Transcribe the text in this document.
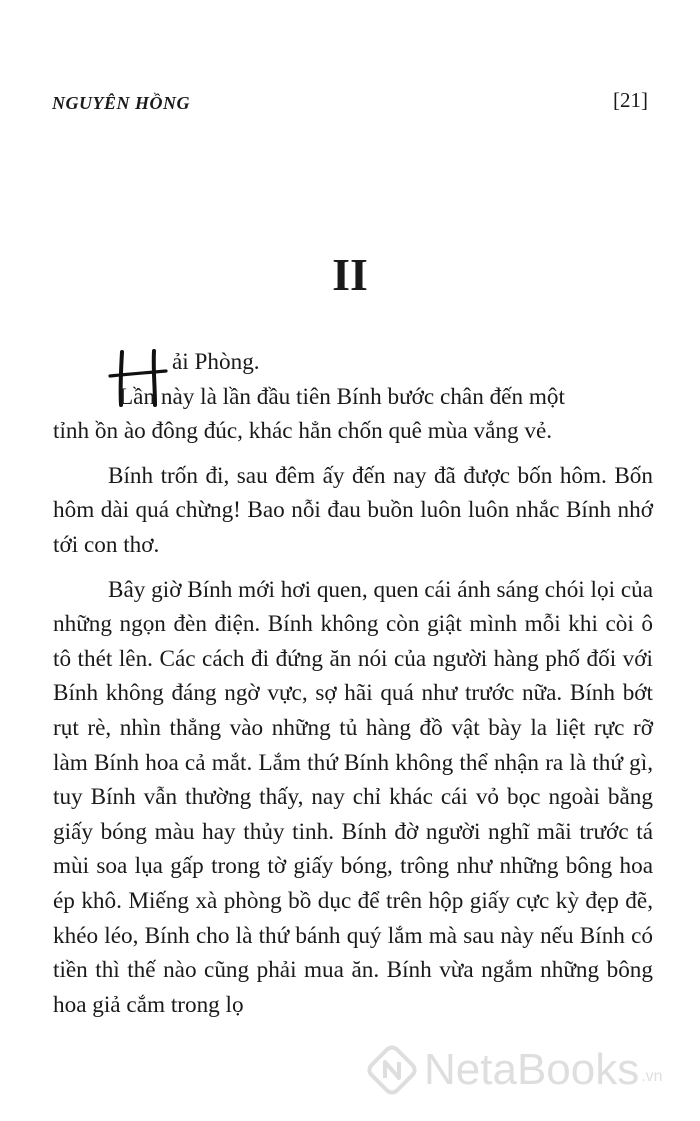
NGUYÊN HỒNG	[21]
II

ải Phòng.

Lần này là lần đầu tiên Bính bước chân đến một

tỉnh ồn ào đông đúc, khác hẳn chốn quê mùa vắng vẻ.

Bính trốn đi, sau đêm ấy đến nay đã được bốn hôm. Bốn hôm dài quá chừng! Bao nỗi đau buồn luôn luôn nhắc Bính nhớ tới con thơ.

Bây giờ Bính mới hơi quen, quen cái ánh sáng chói lọi của những ngọn đèn điện. Bính không còn giật mình mỗi khi còi ô tô thét lên. Các cách đi đứng ăn nói của người hàng phố đối với Bính không đáng ngờ vực, sợ hãi quá như trước nữa. Bính bớt rụt rè, nhìn thẳng vào những tủ hàng đồ vật bày la liệt rực rỡ làm Bính hoa cả mắt. Lắm thứ Bính không thể nhận ra là thứ gì, tuy Bính vẫn thường thấy, nay chỉ khác cái vỏ bọc ngoài bằng giấy bóng màu hay thủy tinh. Bính đờ người nghĩ mãi trước tá mùi soa lụa gấp trong tờ giấy bóng, trông như những bông hoa ép khô. Miếng xà phòng bồ dục để trên hộp giấy cực kỳ đẹp đẽ, khéo léo, Bính cho là thứ bánh quý lắm mà sau này nếu Bính có tiền thì thế nào cũng phải mua ăn. Bính vừa ngắm những bông hoa giả cắm trong lọ

NetaBooks .vn
